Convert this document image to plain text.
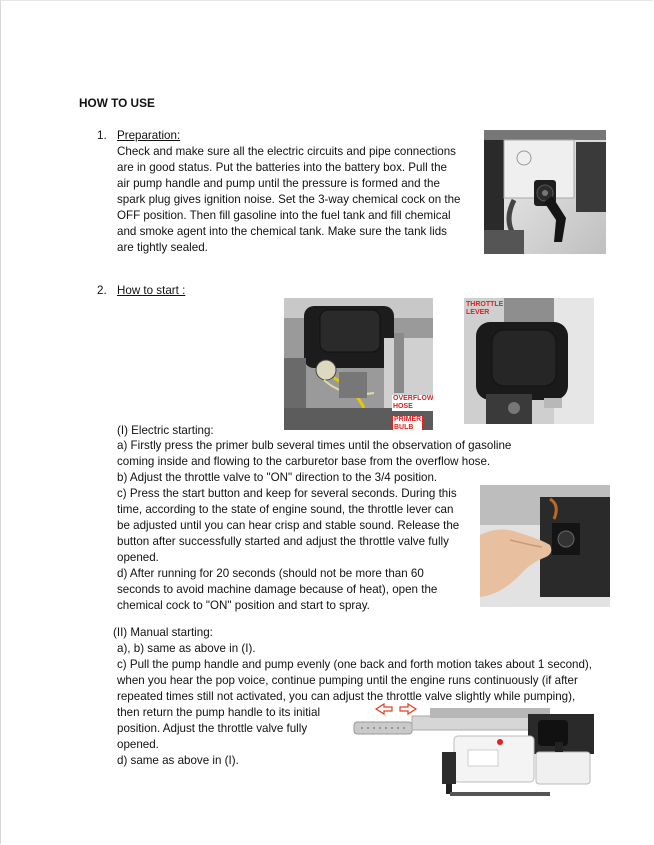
HOW TO USE

1. Preparation:

Check and make sure all the electric circuits and pipe connections

are in good status. Put the batteries into the battery box. Pull the

air pump handle and pump until the pressure is formed and the

spark plug gives ignition noise. Set the 3-way chemical cock on the

OFF position. Then fill gasoline into the fuel tank and fill chemical

and smoke agent into the chemical tank. Make sure the tank lids

are tightly sealed.

2. How to start :

OVERFLOW
HOSE
PRIMER
BULB
THROTTLE
LEVER

(I) Electric starting:

a) Firstly press the primer bulb several times until the observation of gasoline

coming inside and flowing to the carburetor base from the overflow hose.

b) Adjust the throttle valve to "ON" direction to the 3/4 position.

c) Press the start button and keep for several seconds. During this

time, according to the state of engine sound, the throttle lever can

be adjusted until you can hear crisp and stable sound. Release the

button after successfully started and adjust the throttle valve fully

opened.

d) After running for 20 seconds (should not be more than 60

seconds to avoid machine damage because of heat), open the

chemical cock to "ON" position and start to spray.

(II) Manual starting:

a), b) same as above in (I).

c) Pull the pump handle and pump evenly (one back and forth motion takes about 1 second),

when you hear the pop voice, continue pumping until the engine runs continuously (if after

repeated times still not activated, you can adjust the throttle valve slightly while pumping),

then return the pump handle to its initial

position. Adjust the throttle valve fully

opened.

d) same as above in (I).
